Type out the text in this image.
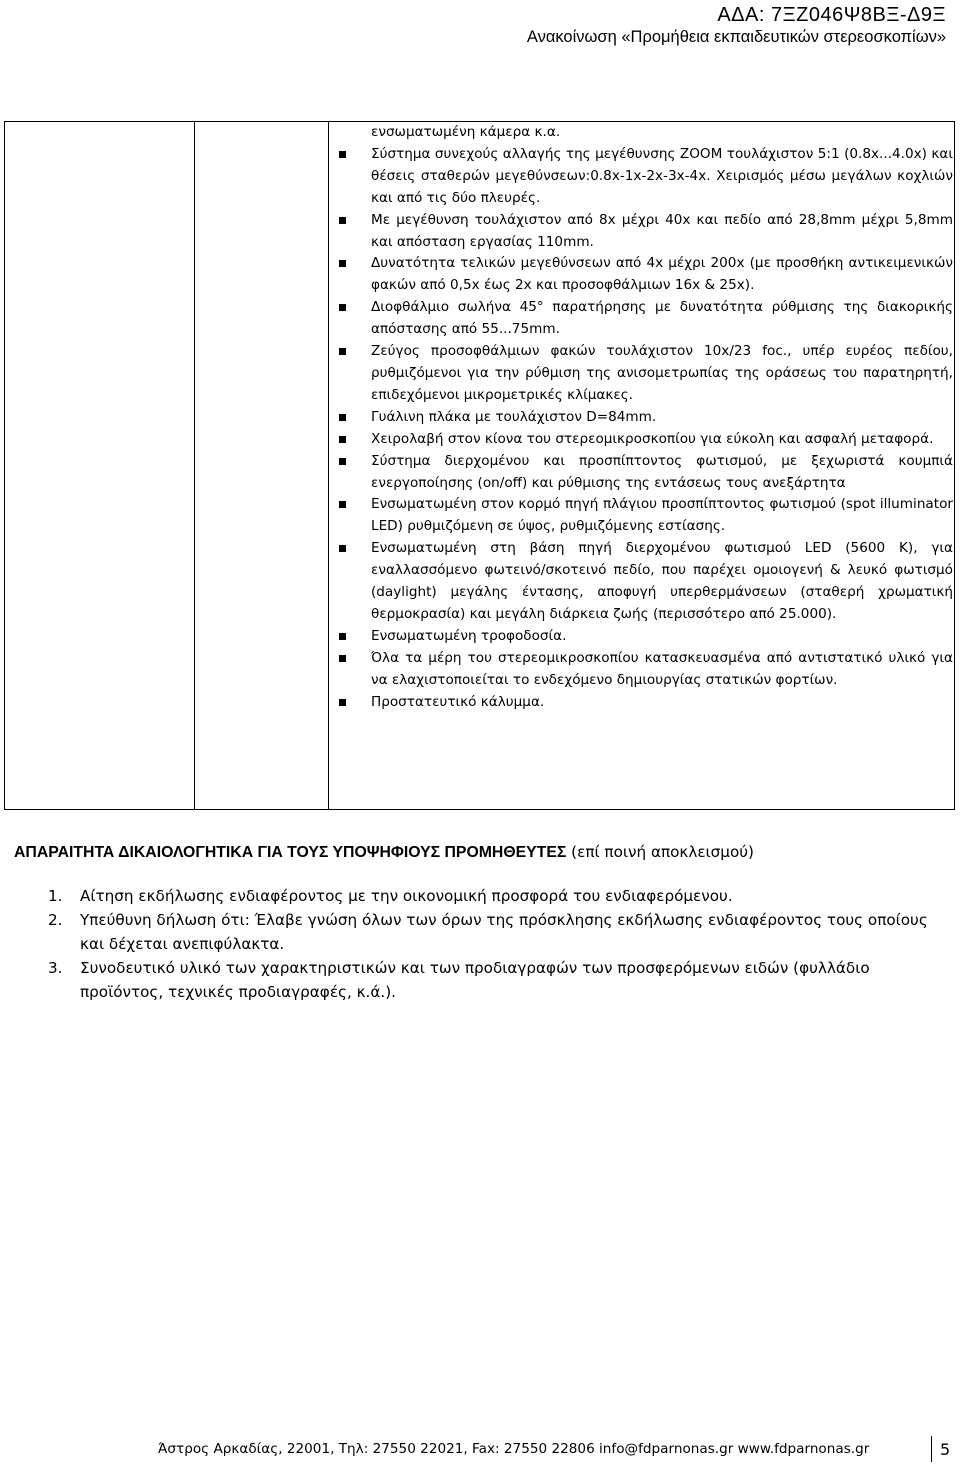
ΑΔΑ: 7ΞΖ046Ψ8ΒΞ-Δ9Ξ
Ανακοίνωση «Προμήθεια εκπαιδευτικών στερεοσκοπίων»
ενσωματωμένη κάμερα κ.α.
Σύστημα συνεχούς αλλαγής της μεγέθυνσης ZOOM τουλάχιστον 5:1 (0.8x...4.0x) και θέσεις σταθερών μεγεθύνσεων:0.8x-1x-2x-3x-4x. Χειρισμός μέσω μεγάλων κοχλιών και από τις δύο πλευρές.
Με μεγέθυνση τουλάχιστον από 8x μέχρι 40x και πεδίο από 28,8mm μέχρι 5,8mm και απόσταση εργασίας 110mm.
Δυνατότητα τελικών μεγεθύνσεων από 4x μέχρι 200x (με προσθήκη αντικειμενικών φακών από 0,5x έως 2x και προσοφθάλμιων 16x & 25x).
Διοφθάλμιο σωλήνα 45° παρατήρησης με δυνατότητα ρύθμισης της διακορικής απόστασης από 55...75mm.
Ζεύγος προσοφθάλμιων φακών τουλάχιστον 10x/23 foc., υπέρ ευρέος πεδίου, ρυθμιζόμενοι για την ρύθμιση της ανισομετρωπίας της οράσεως του παρατηρητή, επιδεχόμενοι μικρομετρικές κλίμακες.
Γυάλινη πλάκα με τουλάχιστον D=84mm.
Χειρολαβή στον κίονα του στερεομικροσκοπίου για εύκολη και ασφαλή μεταφορά.
Σύστημα διερχομένου και προσπίπτοντος φωτισμού, με ξεχωριστά κουμπιά ενεργοποίησης (on/off) και ρύθμισης της εντάσεως τους ανεξάρτητα
Ενσωματωμένη στον κορμό πηγή πλάγιου προσπίπτοντος φωτισμού (spot illuminator LED) ρυθμιζόμενη σε ύψος, ρυθμιζόμενης εστίασης.
Ενσωματωμένη στη βάση πηγή διερχομένου φωτισμού LED (5600 K), για εναλλασσόμενο φωτεινό/σκοτεινό πεδίο, που παρέχει ομοιογενή & λευκό φωτισμό (daylight) μεγάλης έντασης, αποφυγή υπερθερμάνσεων (σταθερή χρωματική θερμοκρασία) και μεγάλη διάρκεια ζωής (περισσότερο από 25.000).
Ενσωματωμένη τροφοδοσία.
Όλα τα μέρη του στερεομικροσκοπίου κατασκευασμένα από αντιστατικό υλικό για να ελαχιστοποιείται το ενδεχόμενο δημιουργίας στατικών φορτίων.
Προστατευτικό κάλυμμα.
ΑΠΑΡΑΙΤΗΤΑ ΔΙΚΑΙΟΛΟΓΗΤΙΚΑ ΓΙΑ ΤΟΥΣ ΥΠΟΨΗΦΙΟΥΣ ΠΡΟΜΗΘΕΥΤΕΣ (επί ποινή αποκλεισμού)
1. Αίτηση εκδήλωσης ενδιαφέροντος με την οικονομική προσφορά του ενδιαφερόμενου.
2. Υπεύθυνη δήλωση ότι: Έλαβε γνώση όλων των όρων της πρόσκλησης εκδήλωσης ενδιαφέροντος τους οποίους και δέχεται ανεπιφύλακτα.
3. Συνοδευτικό υλικό των χαρακτηριστικών και των προδιαγραφών των προσφερόμενων ειδών (φυλλάδιο προϊόντος, τεχνικές προδιαγραφές, κ.ά.).
Άστρος Αρκαδίας, 22001, Τηλ: 27550 22021, Fax: 27550 22806 info@fdparnonas.gr www.fdparnonas.gr	5
